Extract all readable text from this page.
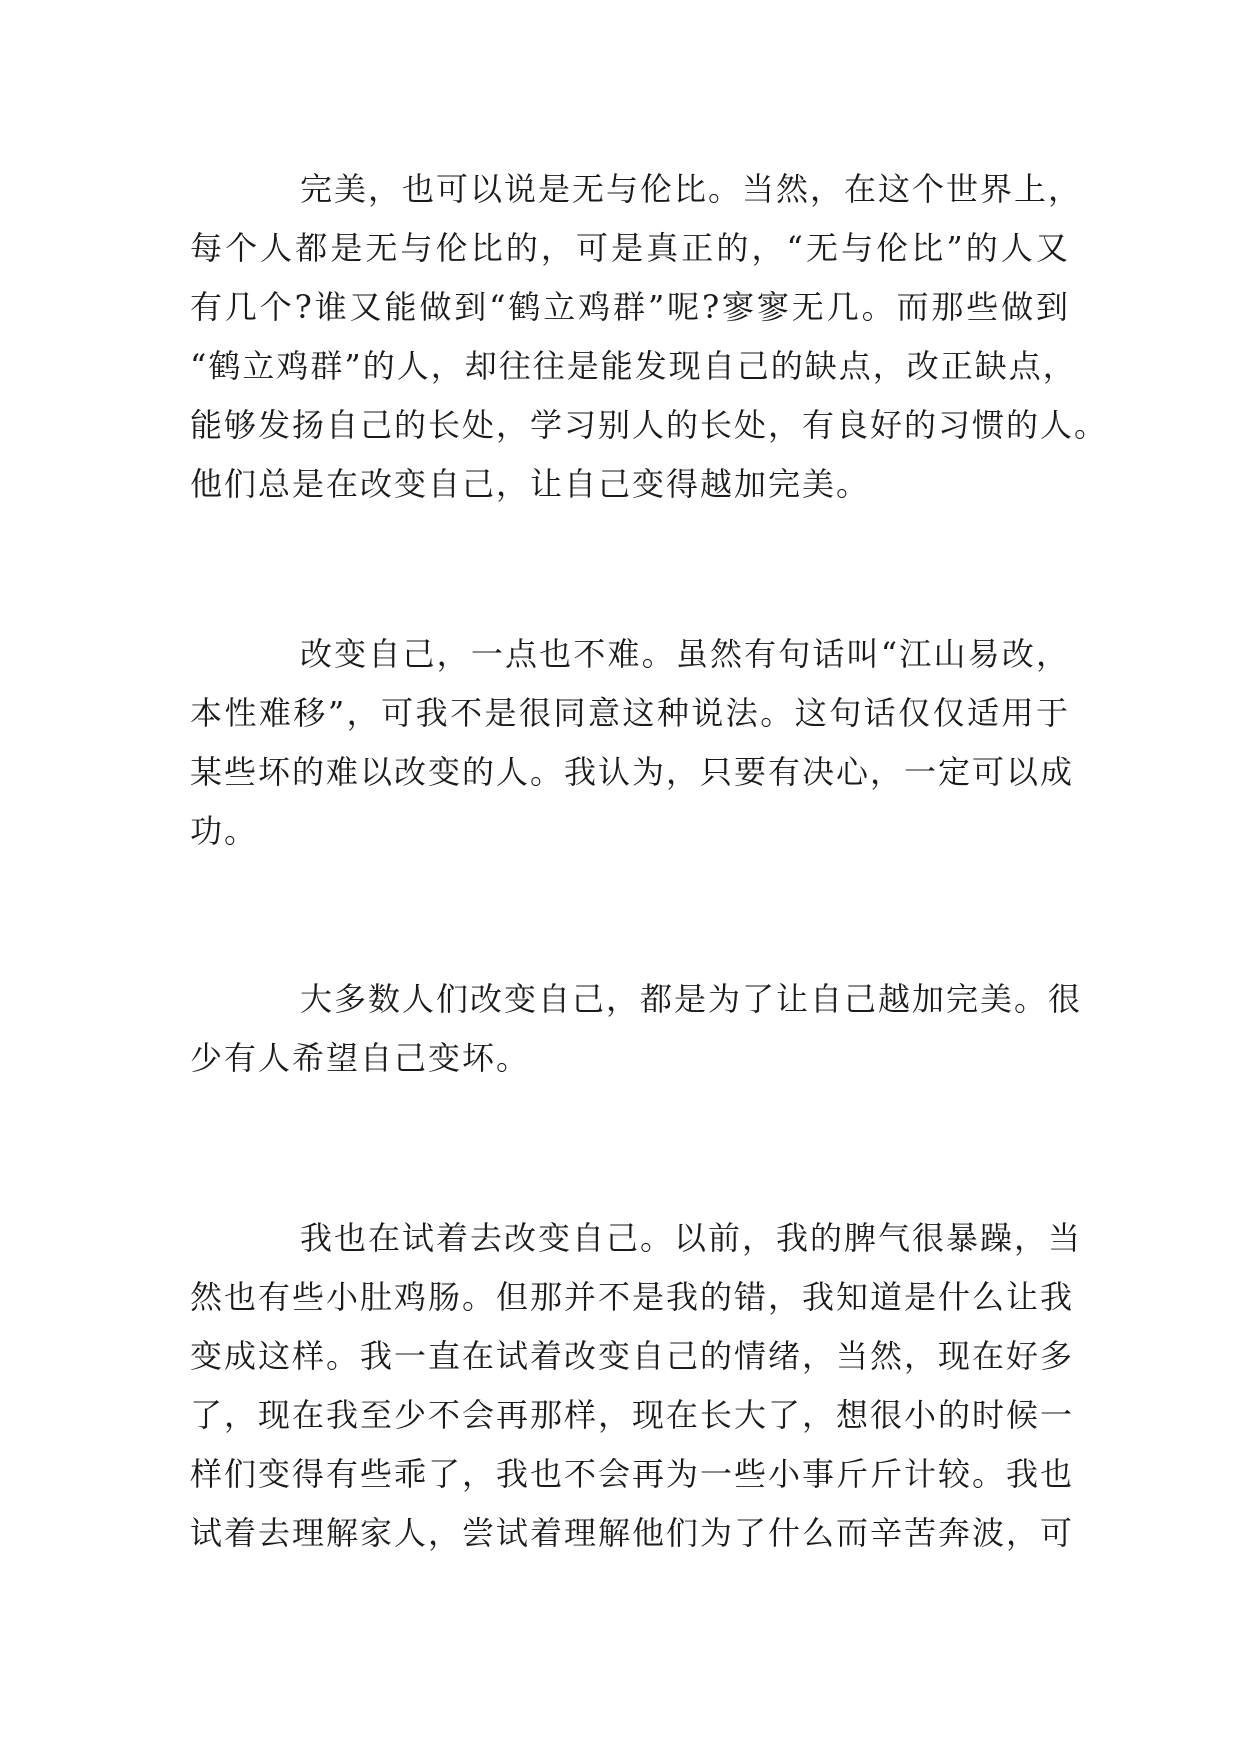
完美，也可以说是无与伦比。当然，在这个世界上，
每个人都是无与伦比的，可是真正的，“无与伦比”的人又
有几个?谁又能做到“鹤立鸡群”呢?寥寥无几。而那些做到
“鹤立鸡群”的人，却往往是能发现自己的缺点，改正缺点，
能够发扬自己的长处，学习别人的长处，有良好的习惯的人。
他们总是在改变自己，让自己变得越加完美。
改变自己，一点也不难。虽然有句话叫“江山易改，
本性难移”，可我不是很同意这种说法。这句话仅仅适用于
某些坏的难以改变的人。我认为，只要有决心，一定可以成
功。
大多数人们改变自己，都是为了让自己越加完美。很
少有人希望自己变坏。
我也在试着去改变自己。以前，我的脾气很暴躁，当
然也有些小肚鸡肠。但那并不是我的错，我知道是什么让我
变成这样。我一直在试着改变自己的情绪，当然，现在好多
了，现在我至少不会再那样，现在长大了，想很小的时候一
样们变得有些乖了，我也不会再为一些小事斤斤计较。我也
试着去理解家人，尝试着理解他们为了什么而辛苦奔波，可
